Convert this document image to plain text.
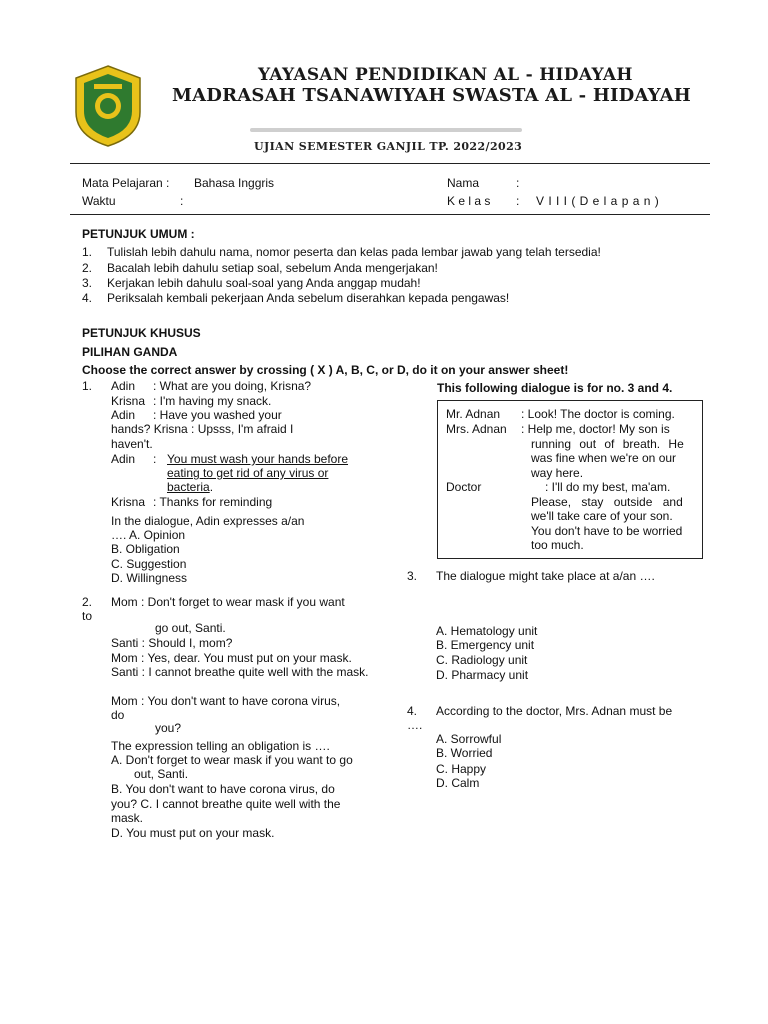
YAYASAN PENDIDIKAN AL - HIDAYAH
MADRASAH TSANAWIYAH SWASTA AL - HIDAYAH
UJIAN SEMESTER GANJIL TP. 2022/2023
Mata Pelajaran : Bahasa Inggris
Waktu	:
Nama	:
K e l a s : V I I I ( D e l a p a n )
PETUNJUK UMUM :
1. Tulislah lebih dahulu nama, nomor peserta dan kelas pada lembar jawab yang telah tersedia!
2. Bacalah lebih dahulu setiap soal, sebelum Anda mengerjakan!
3. Kerjakan lebih dahulu soal-soal yang Anda anggap mudah!
4. Periksalah kembali pekerjaan Anda sebelum diserahkan kepada pengawas!
PETUNJUK KHUSUS
PILIHAN GANDA
Choose the correct answer by crossing ( X ) A, B, C, or D, do it on your answer sheet!
1. Adin : What are you doing, Krisna?
Krisna : I'm having my snack.
Adin : Have you washed your
hands? Krisna : Upsss, I'm afraid I
haven't.
Adin : You must wash your hands before
eating to get rid of any virus or
bacteria.
Krisna : Thanks for reminding
In the dialogue, Adin expresses a/an
…. A. Opinion
B. Obligation
C. Suggestion
D. Willingness
2. Mom : Don't forget to wear mask if you want
to
go out, Santi.
Santi : Should I, mom?
Mom : Yes, dear. You must put on your mask.
Santi : I cannot breathe quite well with the mask.
Mom : You don't want to have corona virus,
do
you?
The expression telling an obligation is ….
A. Don't forget to wear mask if you want to go
out, Santi.
B. You don't want to have corona virus, do
you? C. I cannot breathe quite well with the
mask.
D. You must put on your mask.
This following dialogue is for no. 3 and 4.
Mr. Adnan : Look! The doctor is coming.
Mrs. Adnan : Help me, doctor! My son is
running out of breath. He
was fine when we're on our
way here.
Doctor	: I'll do my best, ma'am.
Please, stay outside and
we'll take care of your son.
You don't have to be worried
too much.
3. The dialogue might take place at a/an ….
A. Hematology unit
B. Emergency unit
C. Radiology unit
D. Pharmacy unit
4. According to the doctor, Mrs. Adnan must be
….
A. Sorrowful
B. Worried
C. Happy
D. Calm
